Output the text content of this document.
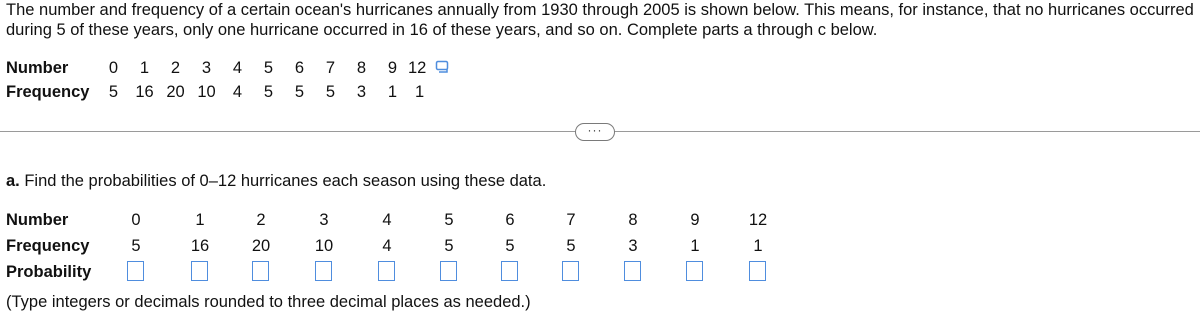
The number and frequency of a certain ocean's hurricanes annually from 1930 through 2005 is shown below. This means, for instance, that no hurricanes occurred during 5 of these years, only one hurricane occurred in 16 of these years, and so on. Complete parts a through c below.
Number	0	1	2	3	4	5	6	7	8	9	12
Frequency	5	16	20	10	4	5	5	5	3	1	1
···
a. Find the probabilities of 0–12 hurricanes each season using these data.
Number	0	1	2	3	4	5	6	7	8	9	12
Frequency	5	16	20	10	4	5	5	5	3	1	1
Probability
(Type integers or decimals rounded to three decimal places as needed.)
